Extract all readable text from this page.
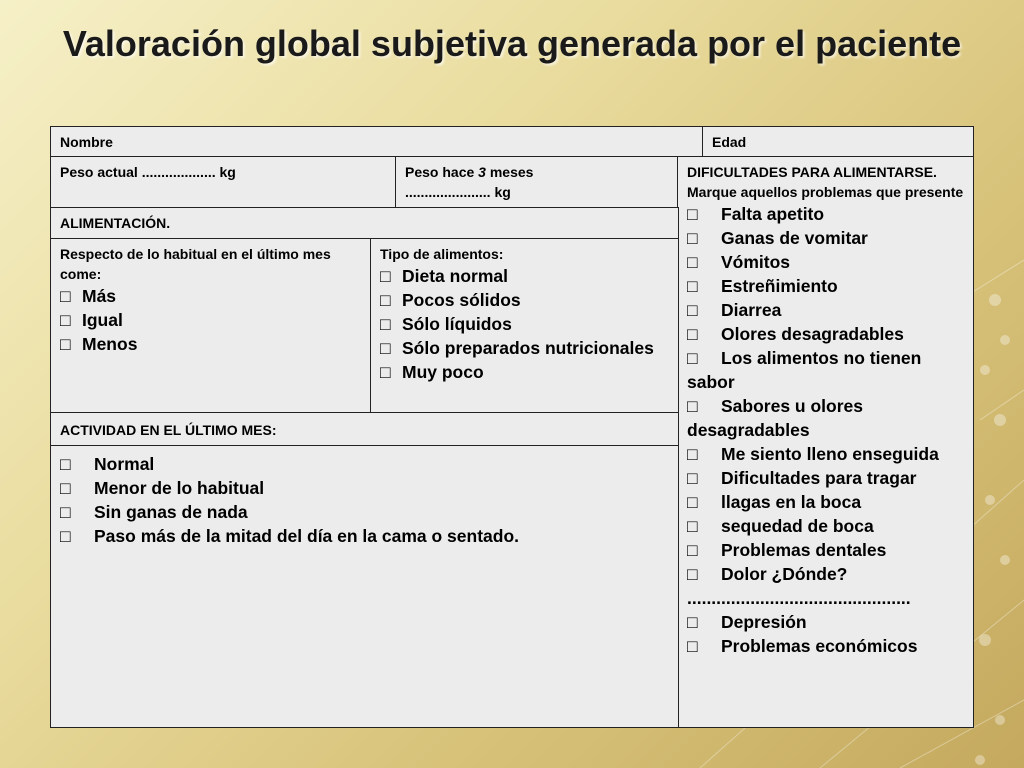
Valoración global subjetiva generada por el paciente
Nombre	Edad
Peso actual ................... kg	Peso hace 3 meses
...................... kg
DIFICULTADES PARA ALIMENTARSE.
Marque aquellos problemas que presente
□ Falta apetito
□ Ganas de vomitar
□ Vómitos
□ Estreñimiento
□ Diarrea
□ Olores desagradables
□ Los alimentos no tienen sabor
□ Sabores u olores desagradables
□ Me siento lleno enseguida
□ Dificultades para tragar
□ llagas en la boca
□ sequedad de boca
□ Problemas dentales
□ Dolor ¿Dónde?
..............................................
□ Depresión
□ Problemas económicos
ALIMENTACIÓN.
Respecto de lo habitual en el último mes come:
□ Más
□ Igual
□ Menos
Tipo de alimentos:
□ Dieta normal
□ Pocos sólidos
□ Sólo líquidos
□ Sólo preparados nutricionales
□ Muy poco
ACTIVIDAD EN EL ÚLTIMO MES:
□ Normal
□ Menor de lo habitual
□ Sin ganas de nada
□ Paso más de la mitad del día en la cama o sentado.
